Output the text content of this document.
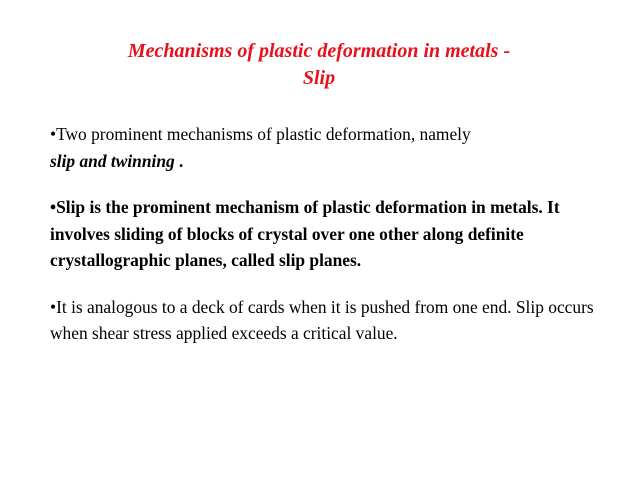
Mechanisms of plastic deformation in metals -
Slip

•Two prominent mechanisms of plastic deformation, namely
slip and twinning .

•Slip is the prominent mechanism of plastic deformation in metals. It involves sliding of blocks of crystal over one other along definite crystallographic planes, called slip planes.

•It is analogous to a deck of cards when it is pushed from one end. Slip occurs when shear stress applied exceeds a critical value.
